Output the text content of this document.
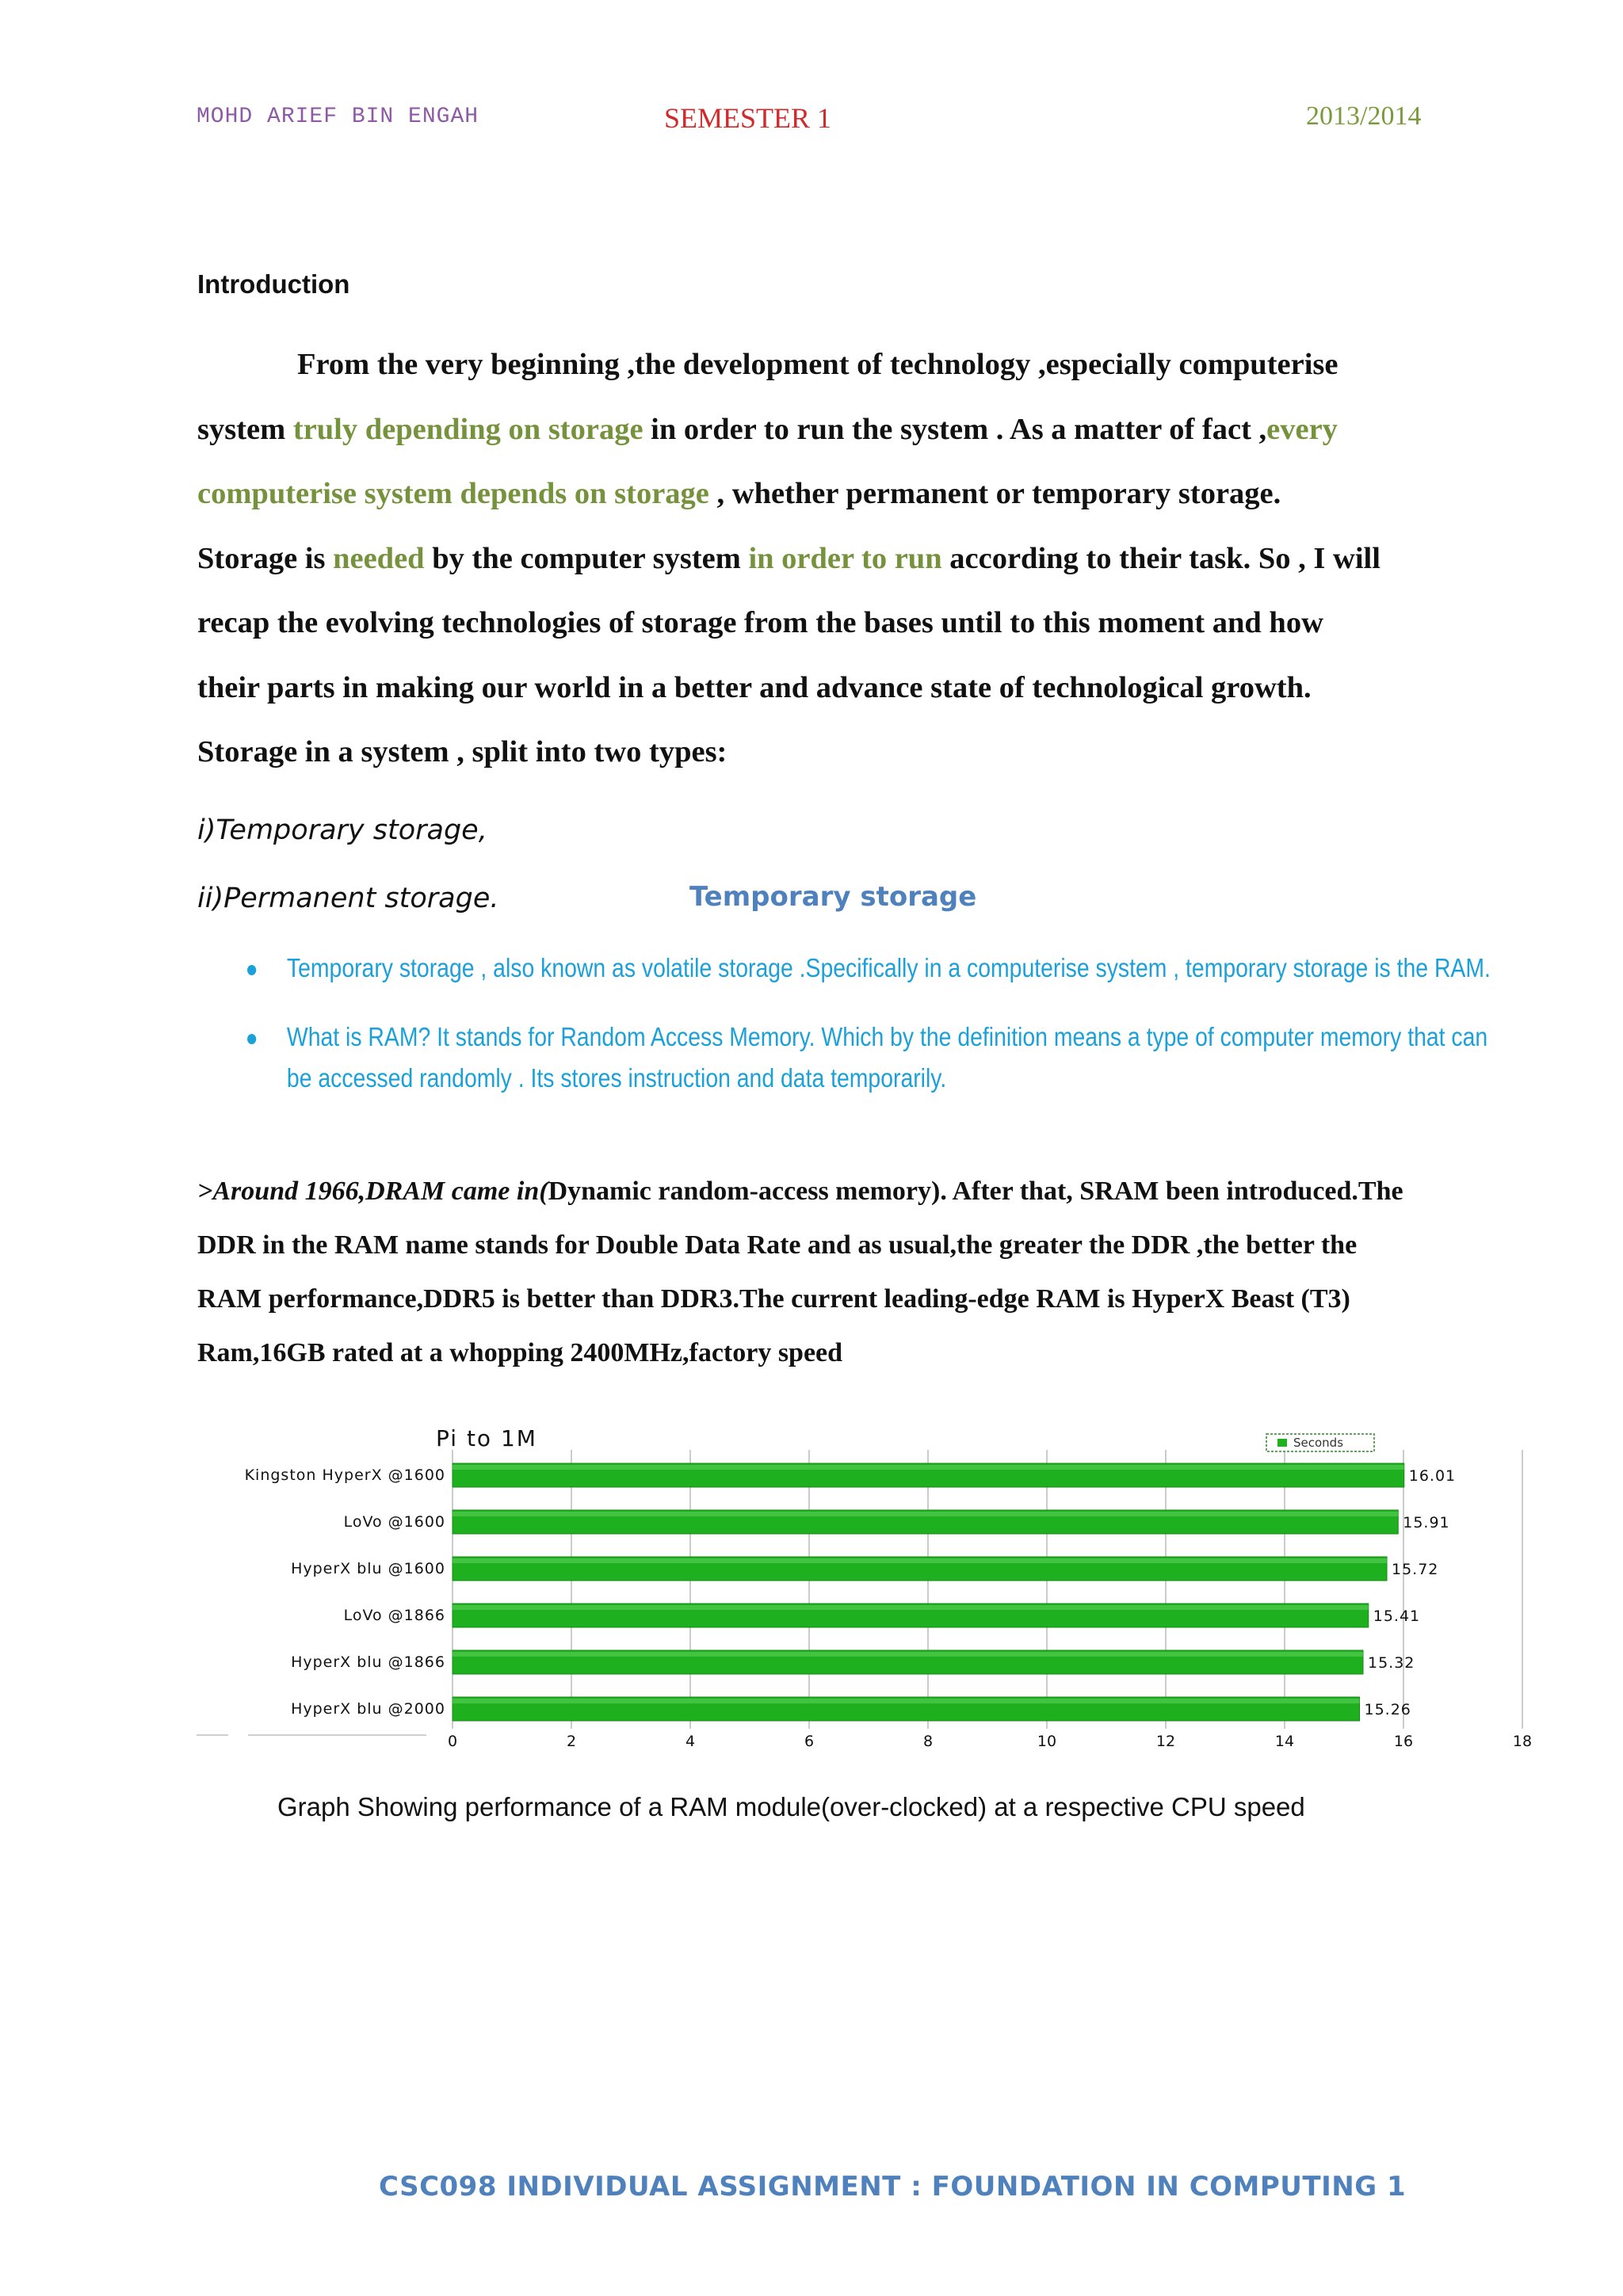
MOHD ARIEF BIN ENGAH	SEMESTER 1	2013/2014
Introduction
From the very beginning ,the development of technology ,especially computerise
system truly depending on storage in order to run the system . As a matter of fact ,every
computerise system depends on storage , whether permanent or temporary storage.
Storage is needed by the computer system in order to run according to their task. So , I will
recap the evolving technologies of storage from the bases until to this moment and how
their parts in making our world in a better and advance state of technological growth.
Storage in a system , split into two types:
i)Temporary storage,
ii)Permanent storage.	Temporary storage
Temporary storage , also known as volatile storage .Specifically in a computerise system , temporary storage is the RAM.
What is RAM? It stands for Random Access Memory. Which by the definition means a type of computer memory that can be accessed randomly . Its stores instruction and data temporarily.
>Around 1966,DRAM came in(Dynamic random-access memory). After that, SRAM been introduced.The
DDR in the RAM name stands for Double Data Rate and as usual,the greater the DDR ,the better the
RAM performance,DDR5 is better than DDR3.The current leading-edge RAM is HyperX Beast (T3)
Ram,16GB rated at a whopping 2400MHz,factory speed
Pi to 1M	Seconds
Kingston HyperX @1600	16.01
LoVo @1600	15.91
HyperX blu @1600	15.72
LoVo @1866	15.41
HyperX blu @1866	15.32
HyperX blu @2000	15.26
0	2	4	6	8	10	12	14	16	18
Graph Showing performance of a RAM module(over-clocked) at a respective CPU speed
CSC098 INDIVIDUAL ASSIGNMENT : FOUNDATION IN COMPUTING 1
